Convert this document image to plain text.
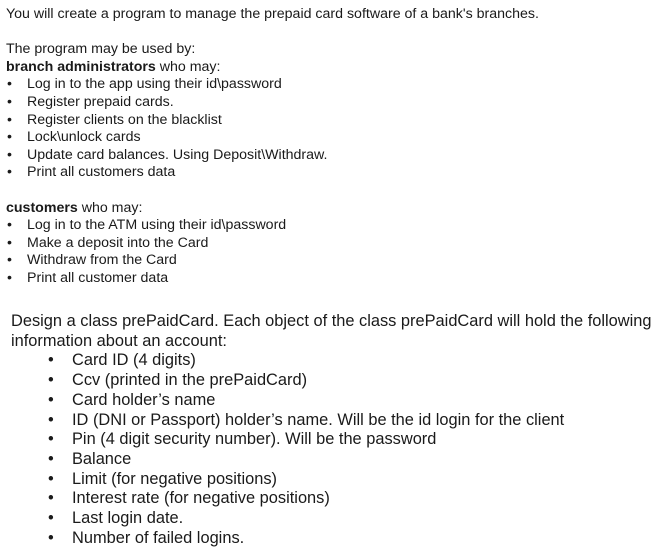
You will create a program to manage the prepaid card software of a bank's branches.

The program may be used by:

branch administrators who may:

• Log in to the app using their id\password
• Register prepaid cards.
• Register clients on the blacklist
• Lock\unlock cards
• Update card balances. Using Deposit\Withdraw.
• Print all customers data

customers who may:

• Log in to the ATM using their id\password
• Make a deposit into the Card
• Withdraw from the Card
• Print all customer data

Design a class prePaidCard. Each object of the class prePaidCard will hold the following information about an account:

• Card ID (4 digits)
• Ccv (printed in the prePaidCard)
• Card holder’s name
• ID (DNI or Passport) holder’s name. Will be the id login for the client
• Pin (4 digit security number). Will be the password
• Balance
• Limit (for negative positions)
• Interest rate (for negative positions)
• Last login date.
• Number of failed logins.
